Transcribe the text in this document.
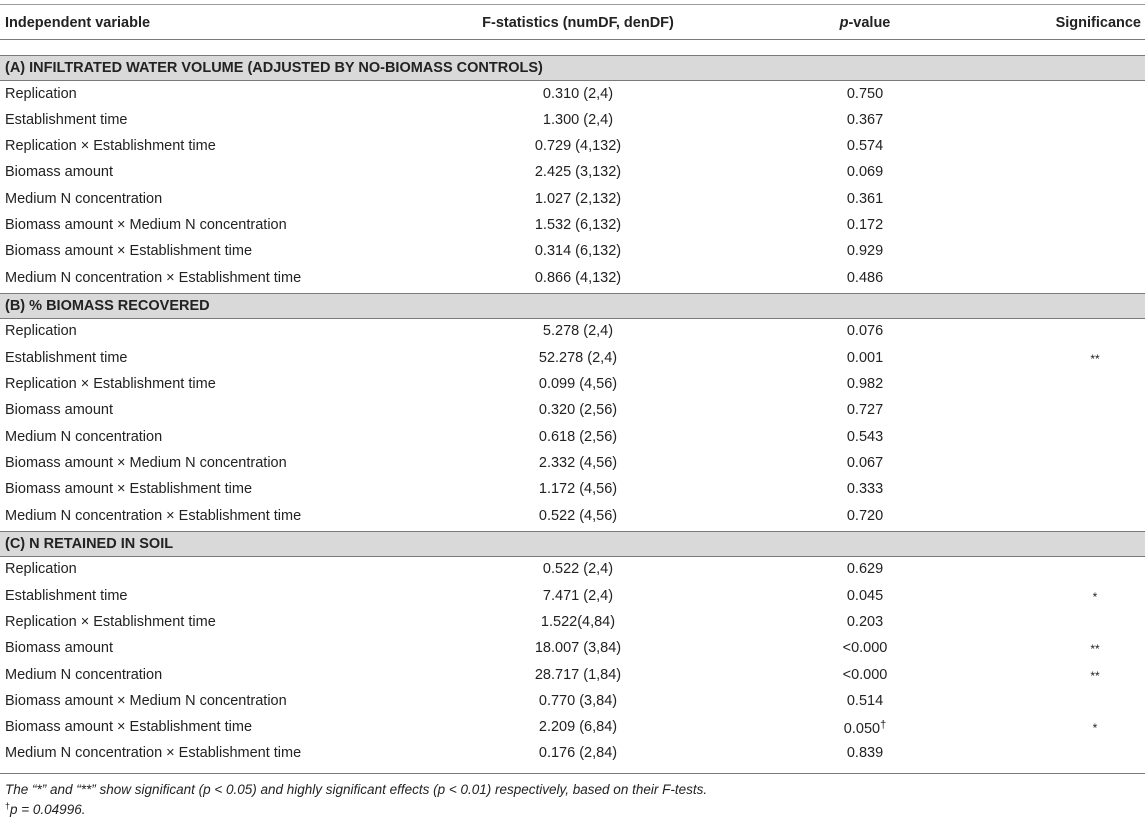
Independent variable	F-statistics (numDF, denDF)	p-value	Significance
(A) INFILTRATED WATER VOLUME (ADJUSTED BY NO-BIOMASS CONTROLS)
Replication	0.310 (2,4)	0.750
Establishment time	1.300 (2,4)	0.367
Replication × Establishment time	0.729 (4,132)	0.574
Biomass amount	2.425 (3,132)	0.069
Medium N concentration	1.027 (2,132)	0.361
Biomass amount × Medium N concentration	1.532 (6,132)	0.172
Biomass amount × Establishment time	0.314 (6,132)	0.929
Medium N concentration × Establishment time	0.866 (4,132)	0.486
(B) % BIOMASS RECOVERED
Replication	5.278 (2,4)	0.076
Establishment time	52.278 (2,4)	0.001	**
Replication × Establishment time	0.099 (4,56)	0.982
Biomass amount	0.320 (2,56)	0.727
Medium N concentration	0.618 (2,56)	0.543
Biomass amount × Medium N concentration	2.332 (4,56)	0.067
Biomass amount × Establishment time	1.172 (4,56)	0.333
Medium N concentration × Establishment time	0.522 (4,56)	0.720
(C) N RETAINED IN SOIL
Replication	0.522 (2,4)	0.629
Establishment time	7.471 (2,4)	0.045	*
Replication × Establishment time	1.522(4,84)	0.203
Biomass amount	18.007 (3,84)	<0.000	**
Medium N concentration	28.717 (1,84)	<0.000	**
Biomass amount × Medium N concentration	0.770 (3,84)	0.514
Biomass amount × Establishment time	2.209 (6,84)	0.050†	*
Medium N concentration × Establishment time	0.176 (2,84)	0.839
The “*” and “**” show significant (p < 0.05) and highly significant effects (p < 0.01) respectively, based on their F-tests.
†p = 0.04996.
